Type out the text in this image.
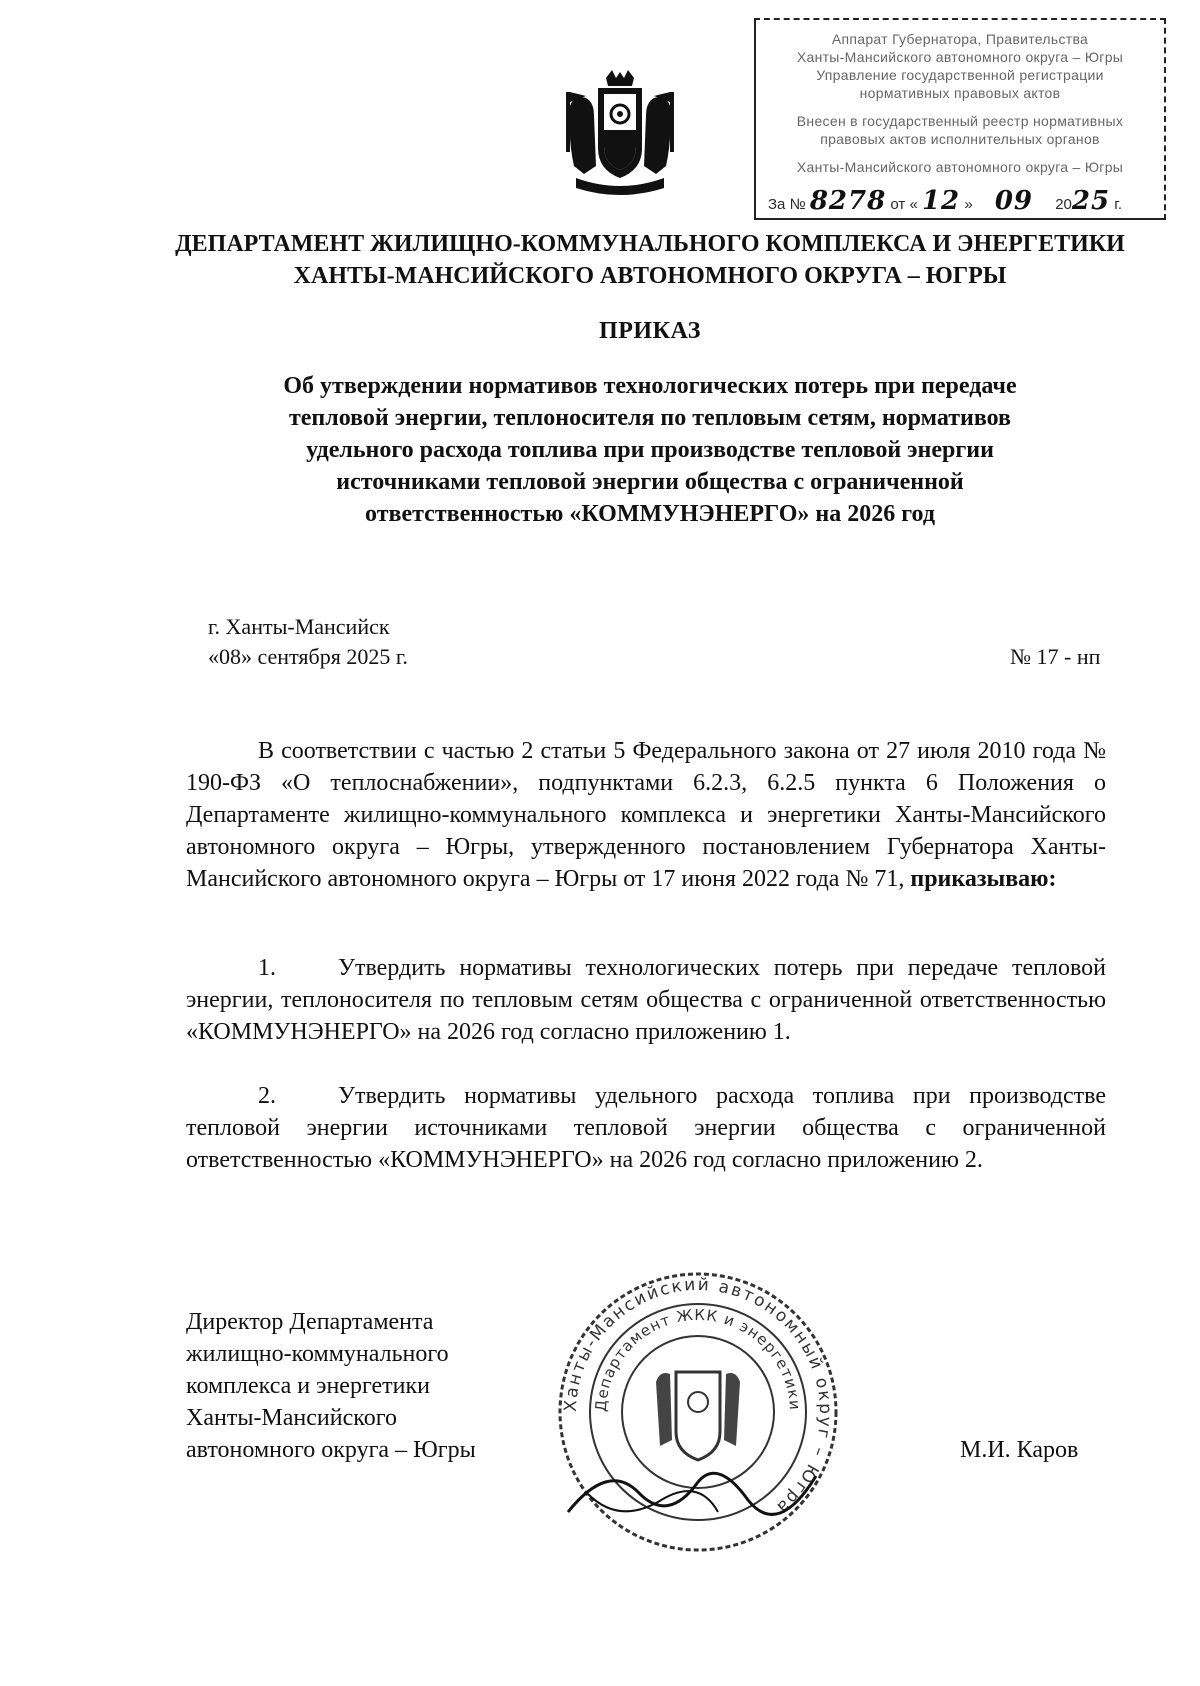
Аппарат Губернатора, Правительства
Ханты-Мансийского автономного округа – Югры
Управление государственной регистрации
нормативных правовых актов
Внесен в государственный реестр нормативных
правовых актов исполнительных органов
Ханты-Мансийского автономного округа – Югры
За № 8278 от « 12 » 09 2025 г.
ДЕПАРТАМЕНТ ЖИЛИЩНО-КОММУНАЛЬНОГО КОМПЛЕКСА И ЭНЕРГЕТИКИ
ХАНТЫ-МАНСИЙСКОГО АВТОНОМНОГО ОКРУГА – ЮГРЫ
ПРИКАЗ
Об утверждении нормативов технологических потерь при передаче
тепловой энергии, теплоносителя по тепловым сетям, нормативов
удельного расхода топлива при производстве тепловой энергии
источниками тепловой энергии общества с ограниченной
ответственностью «КОММУНЭНЕРГО» на 2026 год
г. Ханты-Мансийск
«08» сентября 2025 г.	№ 17 - нп
В соответствии с частью 2 статьи 5 Федерального закона от 27 июля 2010 года № 190-ФЗ «О теплоснабжении», подпунктами 6.2.3, 6.2.5 пункта 6 Положения о Департаменте жилищно-коммунального комплекса и энергетики Ханты-Мансийского автономного округа – Югры, утвержденного постановлением Губернатора Ханты-Мансийского автономного округа – Югры от 17 июня 2022 года № 71, приказываю:
1.	Утвердить нормативы технологических потерь при передаче тепловой энергии, теплоносителя по тепловым сетям общества с ограниченной ответственностью «КОММУНЭНЕРГО» на 2026 год согласно приложению 1.
2.	Утвердить нормативы удельного расхода топлива при производстве тепловой энергии источниками тепловой энергии общества с ограниченной ответственностью «КОММУНЭНЕРГО» на 2026 год согласно приложению 2.
Директор Департамента
жилищно-коммунального
комплекса и энергетики
Ханты-Мансийского
автономного округа – Югры
Ханты-Мансийский автономный округ – Югра
Департамент ЖКК и энергетики
М.И. Каров
